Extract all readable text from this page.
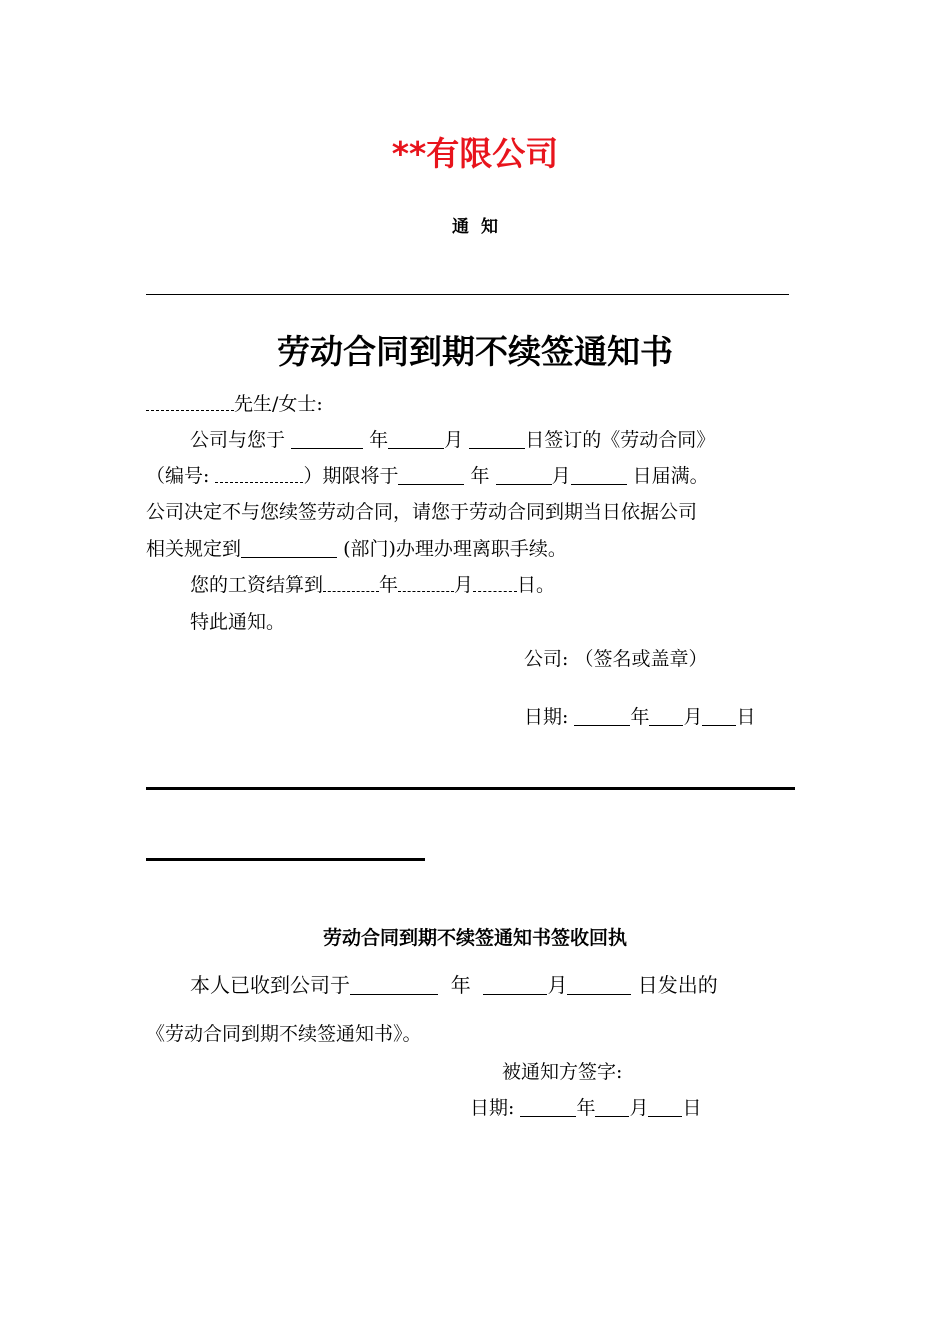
**有限公司
通 知
劳动合同到期不续签通知书
先生/女士:
公司与您于	年	月	日签订的《劳动合同》
（编号:	）期限将于	年	月	日届满。
公司决定不与您续签劳动合同，请您于劳动合同到期当日依据公司
相关规定到	(部门)办理办理离职手续。
您的工资结算到	年	月 日。
特此通知。
公司: （签名或盖章）
日期:	年 月 日
劳动合同到期不续签通知书签收回执
本人已收到公司于	年	月	日发出的
《劳动合同到期不续签通知书》。
被通知方签字:
日期:	年 月 日
